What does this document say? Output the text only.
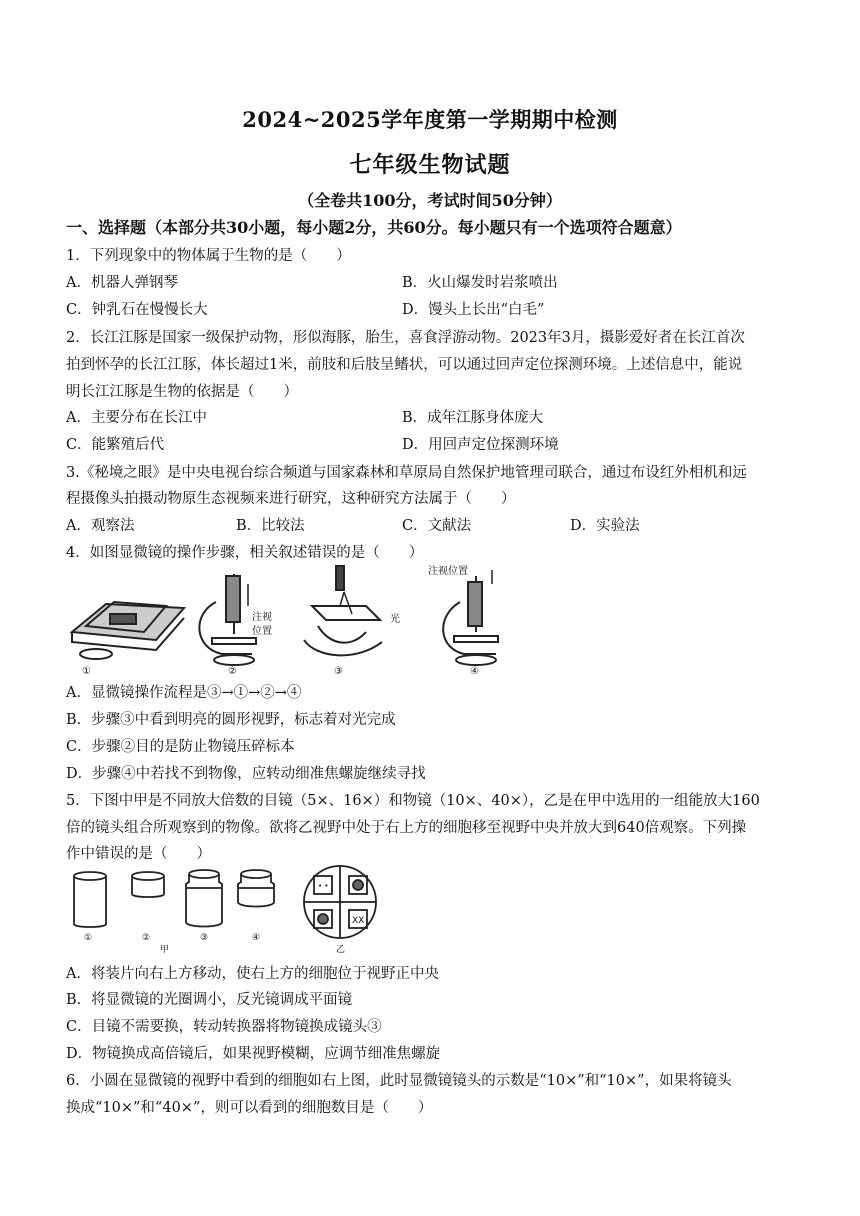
2024~2025学年度第一学期期中检测
七年级生物试题
（全卷共100分，考试时间50分钟）
一、选择题（本部分共30小题，每小题2分，共60分。每小题只有一个选项符合题意）
1．下列现象中的物体属于生物的是（　　）
A．机器人弹钢琴	B．火山爆发时岩浆喷出
C．钟乳石在慢慢长大	D．馒头上长出“白毛”
2．长江江豚是国家一级保护动物，形似海豚，胎生，喜食浮游动物。2023年3月，摄影爱好者在长江首次
拍到怀孕的长江江豚，体长超过1米，前肢和后肢呈鳍状，可以通过回声定位探测环境。上述信息中，能说
明长江江豚是生物的依据是（　　）
A．主要分布在长江中	B．成年江豚身体庞大
C．能繁殖后代	D．用回声定位探测环境
3.《秘境之眼》是中央电视台综合频道与国家森林和草原局自然保护地管理司联合，通过布设红外相机和远
程摄像头拍摄动物原生态视频来进行研究，这种研究方法属于（　　）
A．观察法	B．比较法	C．文献法	D．实验法
4．如图显微镜的操作步骤，相关叙述错误的是（　　）
注视
位置
光
注视位置
①	②	③	④
A．显微镜操作流程是③→①→②→④
B．步骤③中看到明亮的圆形视野，标志着对光完成
C．步骤②目的是防止物镜压碎标本
D．步骤④中若找不到物像，应转动细准焦螺旋继续寻找
5．下图中甲是不同放大倍数的目镜（5×、16×）和物镜（10×、40×），乙是在甲中选用的一组能放大160
倍的镜头组合所观察到的物像。欲将乙视野中处于右上方的细胞移至视野中央并放大到640倍观察。下列操
作中错误的是（　　）
• •
XX
①	②	③	④
甲	乙
A．将装片向右上方移动，使右上方的细胞位于视野正中央
B．将显微镜的光圈调小，反光镜调成平面镜
C．目镜不需要换，转动转换器将物镜换成镜头③
D．物镜换成高倍镜后，如果视野模糊，应调节细准焦螺旋
6．小圆在显微镜的视野中看到的细胞如右上图，此时显微镜镜头的示数是“10×”和“10×”，如果将镜头
换成“10×”和“40×”，则可以看到的细胞数目是（　　）
